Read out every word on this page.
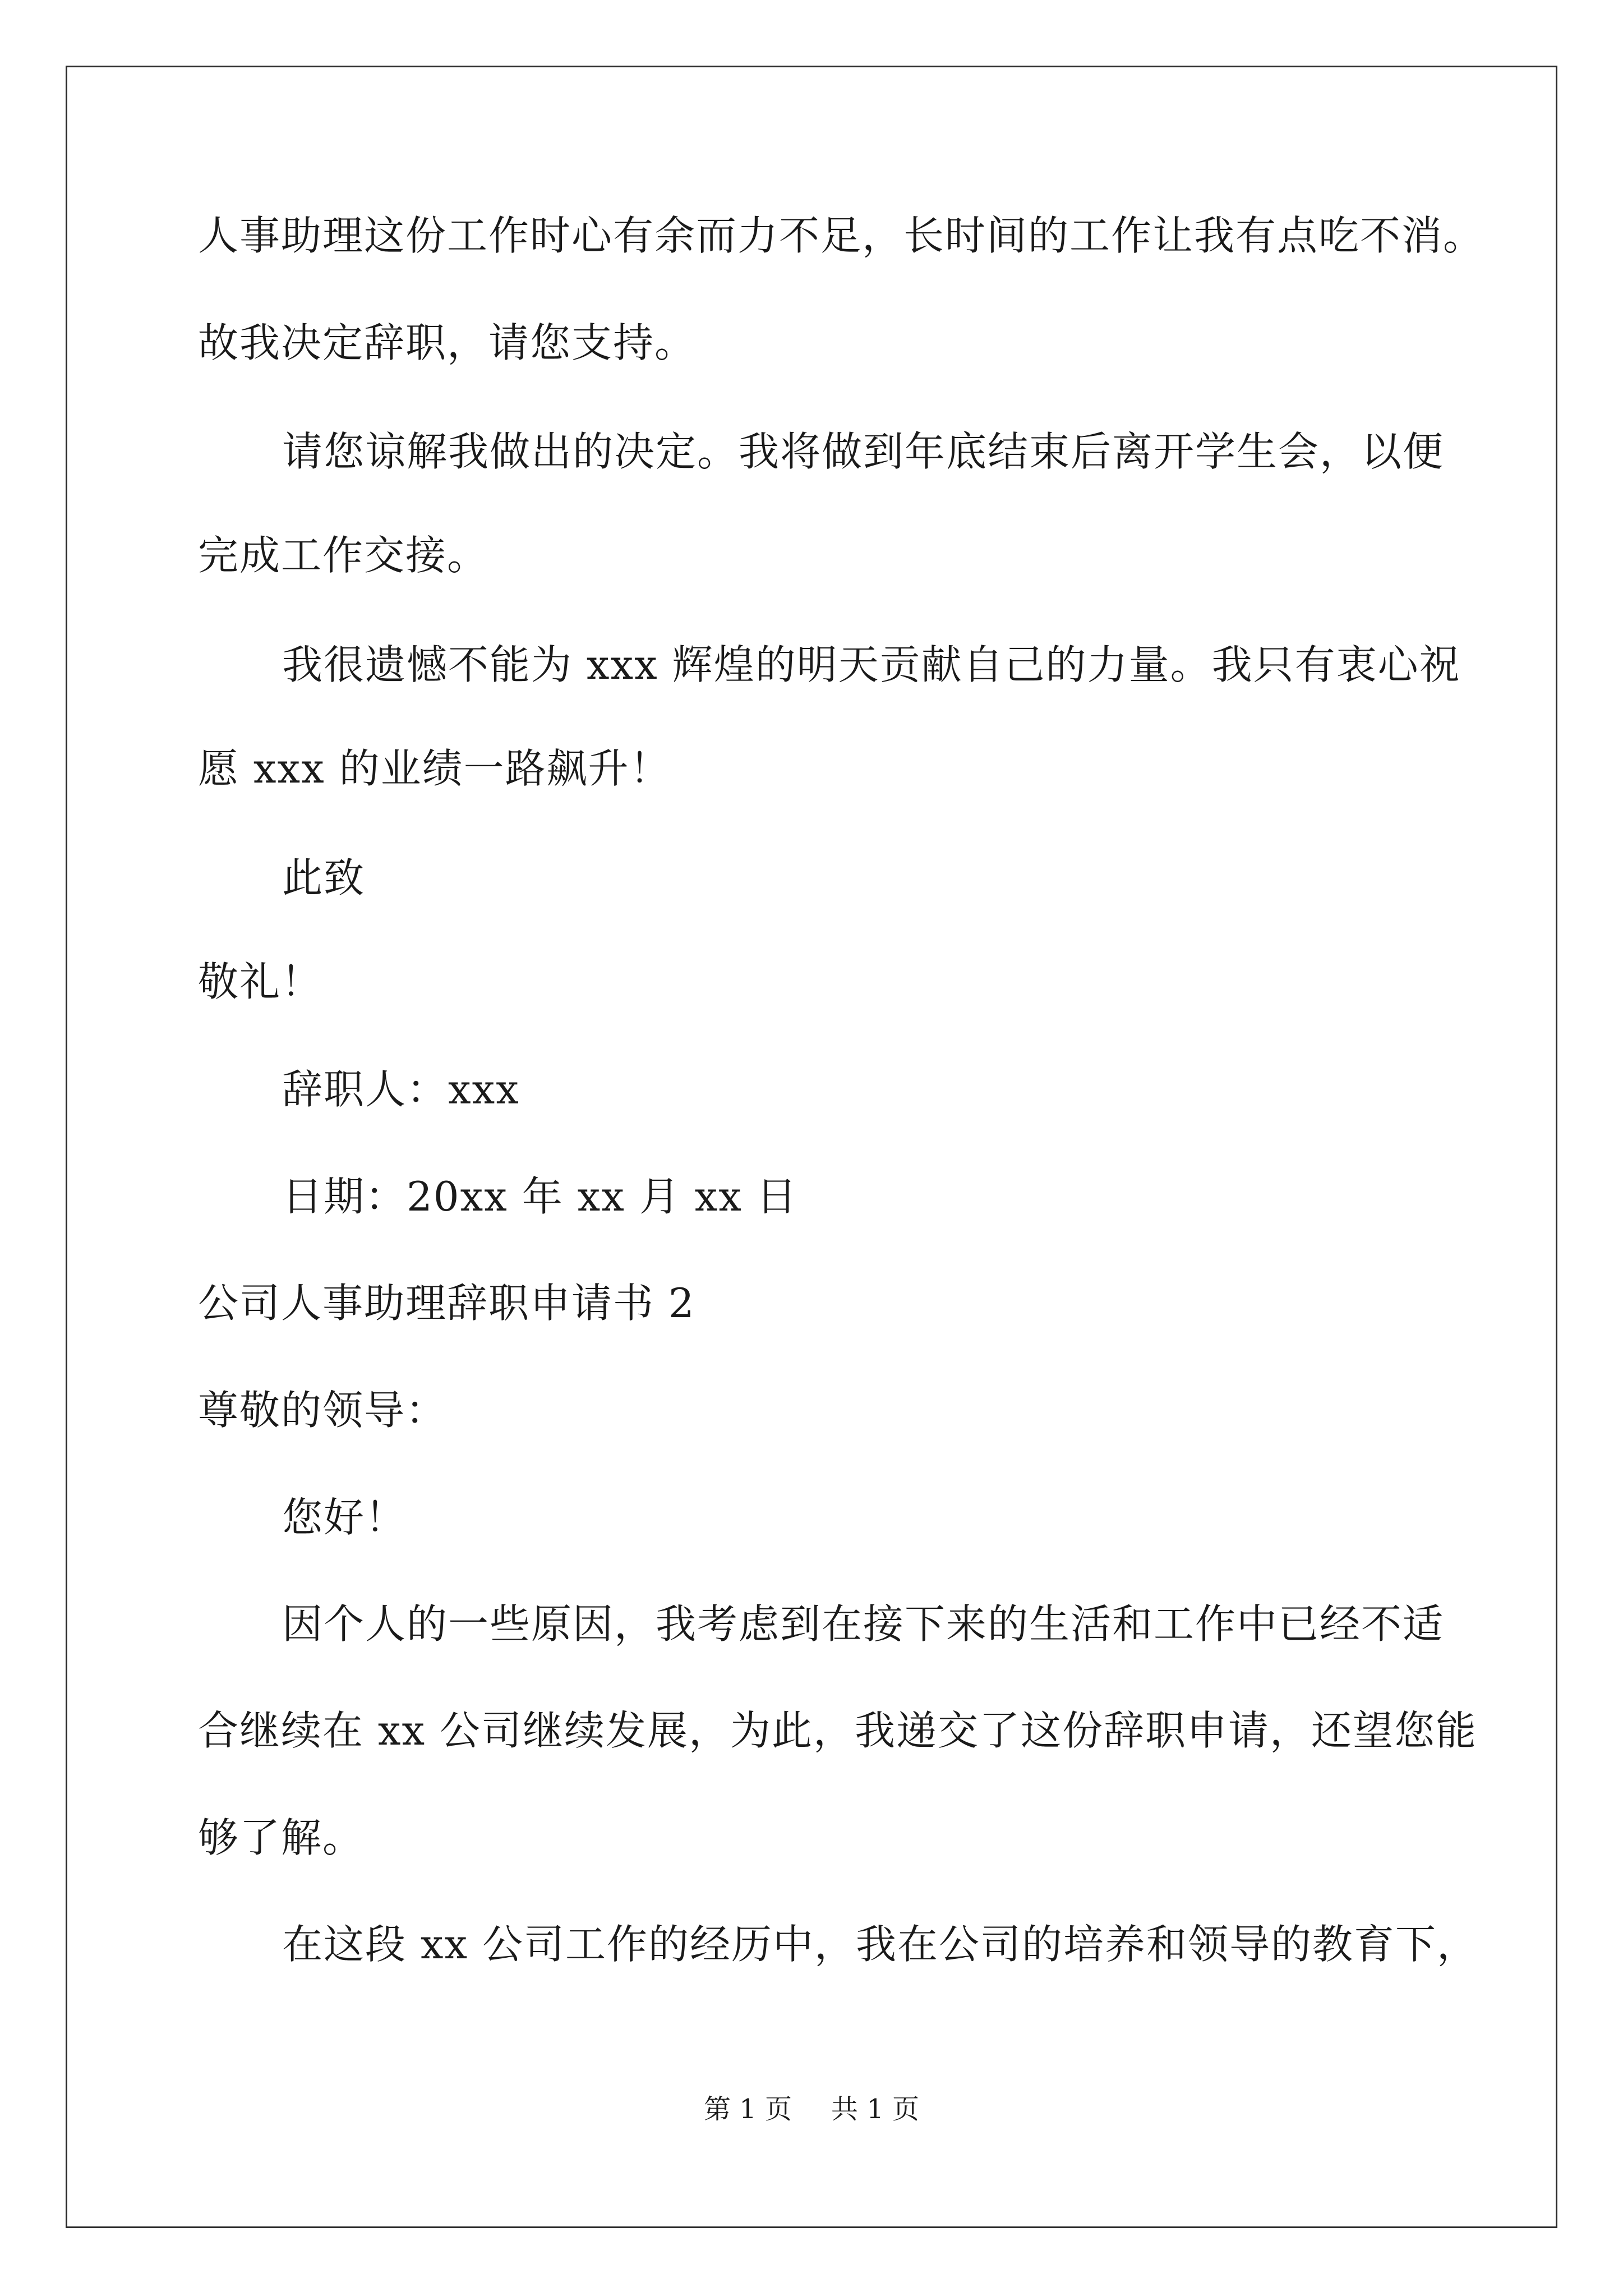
人事助理这份工作时心有余而力不足，长时间的工作让我有点吃不消。
故我决定辞职，请您支持。
请您谅解我做出的决定。我将做到年底结束后离开学生会，以便
完成工作交接。
我很遗憾不能为 xxx 辉煌的明天贡献自己的力量。我只有衷心祝
愿 xxx 的业绩一路飙升！
此致
敬礼！
辞职人：xxx
日期：20xx 年 xx 月 xx 日
公司人事助理辞职申请书 2
尊敬的领导：
您好！
因个人的一些原因，我考虑到在接下来的生活和工作中已经不适
合继续在 xx 公司继续发展，为此，我递交了这份辞职申请，还望您能
够了解。
在这段 xx 公司工作的经历中，我在公司的培养和领导的教育下，
第 1 页 共 1 页
